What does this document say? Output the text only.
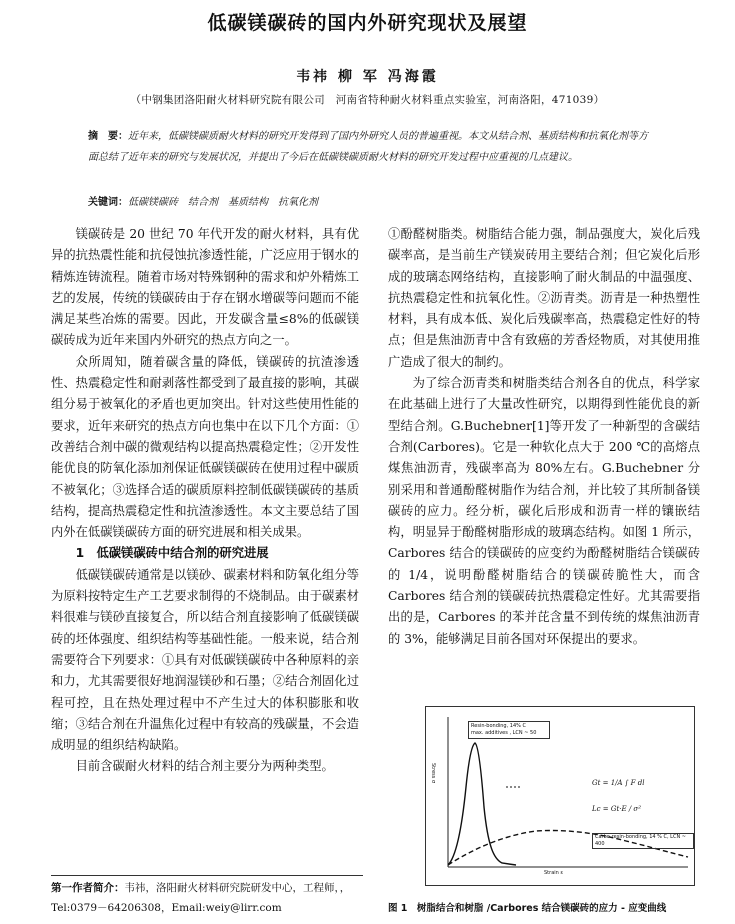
低碳镁碳砖的国内外研究现状及展望
韦祎 柳 军 冯海霞
（中钢集团洛阳耐火材料研究院有限公司　河南省特种耐火材料重点实验室，河南洛阳，471039）
摘　要：近年来，低碳镁碳质耐火材料的研究开发得到了国内外研究人员的普遍重视。本文从结合剂、基质结构和抗氧化剂等方面总结了近年来的研究与发展状况，并提出了今后在低碳镁碳质耐火材料的研究开发过程中应重视的几点建议。
关键词：低碳镁碳砖　结合剂　基质结构　抗氧化剂

镁碳砖是 20 世纪 70 年代开发的耐火材料，具有优异的抗热震性能和抗侵蚀抗渗透性能，广泛应用于钢水的精炼连铸流程。随着市场对特殊钢种的需求和炉外精炼工艺的发展，传统的镁碳砖由于存在钢水增碳等问题而不能满足某些冶炼的需要。因此，开发碳含量≤8%的低碳镁碳砖成为近年来国内外研究的热点方向之一。

众所周知，随着碳含量的降低，镁碳砖的抗渣渗透性、热震稳定性和耐剥落性都受到了最直接的影响，其碳组分易于被氧化的矛盾也更加突出。针对这些使用性能的要求，近年来研究的热点方向也集中在以下几个方面：①改善结合剂中碳的微观结构以提高热震稳定性；②开发性能优良的防氧化添加剂保证低碳镁碳砖在使用过程中碳质不被氧化；③选择合适的碳质原料控制低碳镁碳砖的基质结构，提高热震稳定性和抗渣渗透性。本文主要总结了国内外在低碳镁碳砖方面的研究进展和相关成果。

1　低碳镁碳砖中结合剂的研究进展

低碳镁碳砖通常是以镁砂、碳素材料和防氧化组分等为原料按特定生产工艺要求制得的不烧制品。由于碳素材料很难与镁砂直接复合，所以结合剂直接影响了低碳镁碳砖的坯体强度、组织结构等基础性能。一般来说，结合剂需要符合下列要求：①具有对低碳镁碳砖中各种原料的亲和力，尤其需要很好地润湿镁砂和石墨；②结合剂固化过程可控，且在热处理过程中不产生过大的体积膨胀和收缩；③结合剂在升温焦化过程中有较高的残碳量，不会造成明显的组织结构缺陷。

目前含碳耐火材料的结合剂主要分为两种类型。

第一作者简介：韦祎，洛阳耐火材料研究院研发中心，工程师，，Tel:0379－64206308，Email:weiy@lirr.com

①酚醛树脂类。树脂结合能力强，制品强度大，炭化后残碳率高，是当前生产镁炭砖用主要结合剂；但它炭化后形成的玻璃态网络结构，直接影响了耐火制品的中温强度、抗热震稳定性和抗氧化性。②沥青类。沥青是一种热塑性材料，具有成本低、炭化后残碳率高，热震稳定性好的特点；但是焦油沥青中含有致癌的芳香烃物质，对其使用推广造成了很大的制约。

为了综合沥青类和树脂类结合剂各自的优点，科学家在此基础上进行了大量改性研究，以期得到性能优良的新型结合剂。G.Buchebner[1]等开发了一种新型的含碳结合剂(Carbores)。它是一种软化点大于 200 ℃的高熔点煤焦油沥青，残碳率高为 80%左右。G.Buchebner 分别采用和普通酚醛树脂作为结合剂，并比较了其所制备镁碳砖的应力。经分析，碳化后形成和沥青一样的镶嵌结构，明显异于酚醛树脂形成的玻璃态结构。如图 1 所示，Carbores 结合的镁碳砖的应变约为酚醛树脂结合镁碳砖的 1/4，说明酚醛树脂结合的镁碳砖脆性大，而含 Carbores 结合剂的镁碳砖抗热震稳定性好。尤其需要指出的是，Carbores 的苯并芘含量不到传统的煤焦油沥青的 3%，能够满足目前各国对环保提出的要求。

Resin-bonding, 14% C
max. additives , LCN ~ 50
Gt = 1/A ∫ F dl
Lc = Gt·E / σ²
Carbo-resin-bonding, 14 % C, LCN ~ 400
Strain ε
Stress σ
图 1　树脂结合和树脂 /Carbores 结合镁碳砖的应力 - 应变曲线
